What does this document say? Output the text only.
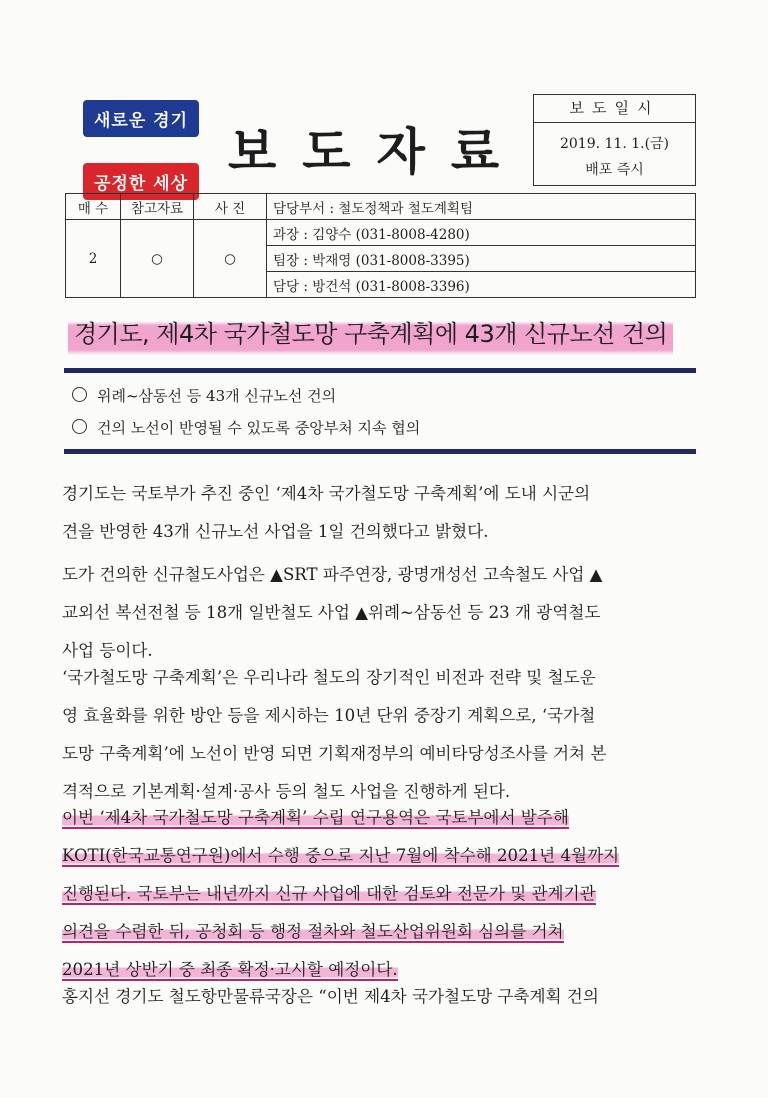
새로운 경기
공정한 세상
보도자료
보도일시
2019. 11. 1.(금)
배포 즉시
매 수	참고자료	사 진	담당부서 : 철도정책과 철도계획팀
2	○	○	과장 : 김양수 (031-8008-4280)
			팀장 : 박재영 (031-8008-3395)
			담당 : 방건석 (031-8008-3396)
경기도, 제4차 국가철도망 구축계획에 43개 신규노선 건의
위례~삼동선 등 43개 신규노선 건의
건의 노선이 반영될 수 있도록 중앙부처 지속 협의
경기도는 국토부가 추진 중인 ‘제4차 국가철도망 구축계획’에 도내 시군의
견을 반영한 43개 신규노선 사업을 1일 건의했다고 밝혔다.
도가 건의한 신규철도사업은 ▲SRT 파주연장, 광명개성선 고속철도 사업 ▲
교외선 복선전철 등 18개 일반철도 사업 ▲위례~삼동선 등 23 개 광역철도
사업 등이다.
‘국가철도망 구축계획’은 우리나라 철도의 장기적인 비전과 전략 및 철도운
영 효율화를 위한 방안 등을 제시하는 10년 단위 중장기 계획으로, ‘국가철
도망 구축계획’에 노선이 반영 되면 기획재정부의 예비타당성조사를 거쳐 본
격적으로 기본계획·설계·공사 등의 철도 사업을 진행하게 된다.
이번 ‘제4차 국가철도망 구축계획’ 수립 연구용역은 국토부에서 발주해
KOTI(한국교통연구원)에서 수행 중으로 지난 7월에 착수해 2021년 4월까지
진행된다. 국토부는 내년까지 신규 사업에 대한 검토와 전문가 및 관계기관
의견을 수렴한 뒤, 공청회 등 행정 절차와 철도산업위원회 심의를 거쳐
2021년 상반기 중 최종 확정·고시할 예정이다.
홍지선 경기도 철도항만물류국장은 “이번 제4차 국가철도망 구축계획 건의
